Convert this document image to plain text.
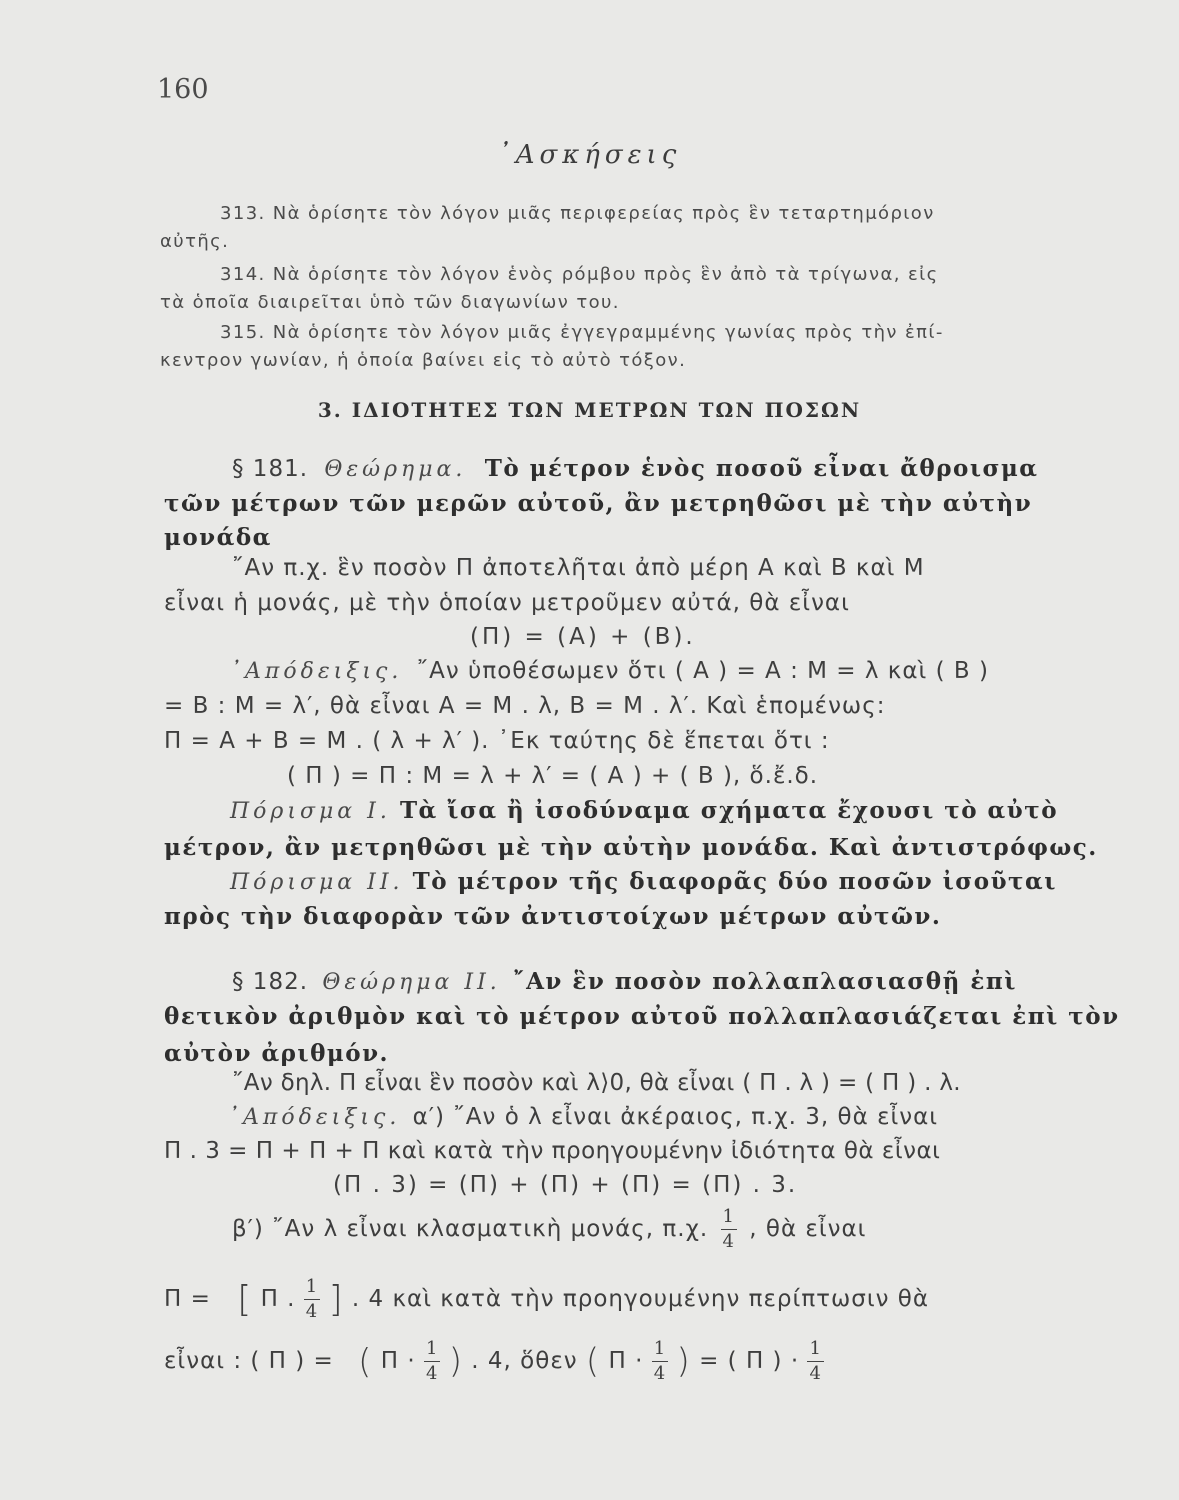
160
᾿Ασκήσεις
313. Νὰ ὁρίσητε τὸν λόγον μιᾶς περιφερείας πρὸς ἓν τεταρτημόριον
αὐτῆς.
314. Νὰ ὁρίσητε τὸν λόγον ἑνὸς ρόμβου πρὸς ἓν ἀπὸ τὰ τρίγωνα, εἰς
τὰ ὁποῖα διαιρεῖται ὑπὸ τῶν διαγωνίων του.
315. Νὰ ὁρίσητε τὸν λόγον μιᾶς ἐγγεγραμμένης γωνίας πρὸς τὴν ἐπί-
κεντρον γωνίαν, ἡ ὁποία βαίνει εἰς τὸ αὐτὸ τόξον.
3. ΙΔΙΟΤΗΤΕΣ ΤΩΝ ΜΕΤΡΩΝ ΤΩΝ ΠΟΣΩΝ
§ 181. Θεώρημα. Τὸ μέτρον ἑνὸς ποσοῦ εἶναι ἄθροισμα
τῶν μέτρων τῶν μερῶν αὐτοῦ, ἂν μετρηθῶσι μὲ τὴν αὐτὴν
μονάδα
῎Αν π.χ. ἓν ποσὸν Π ἀποτελῆται ἀπὸ μέρη Α καὶ Β καὶ Μ
εἶναι ἡ μονάς, μὲ τὴν ὁποίαν μετροῦμεν αὐτά, θὰ εἶναι
(Π) = (Α) + (Β).
᾿Απόδειξις. ῎Αν ὑποθέσωμεν ὅτι ( Α ) = Α : Μ = λ καὶ ( Β )
= Β : Μ = λ′, θὰ εἶναι Α = Μ . λ, Β = Μ . λ′. Καὶ ἑπομένως:
Π = Α + Β = Μ . ( λ + λ′ ). ᾿Εκ ταύτης δὲ ἕπεται ὅτι :
( Π ) = Π : Μ = λ + λ′ = ( Α ) + ( Β ), ὅ.ἔ.δ.
Πόρισμα Ι. Τὰ ἴσα ἢ ἰσοδύναμα σχήματα ἔχουσι τὸ αὐτὸ
μέτρον, ἂν μετρηθῶσι μὲ τὴν αὐτὴν μονάδα. Καὶ ἀντιστρόφως.
Πόρισμα ΙΙ. Τὸ μέτρον τῆς διαφορᾶς δύο ποσῶν ἰσοῦται
πρὸς τὴν διαφορὰν τῶν ἀντιστοίχων μέτρων αὐτῶν.
§ 182. Θεώρημα ΙΙ. ῎Αν ἓν ποσὸν πολλαπλασιασθῇ ἐπὶ
θετικὸν ἀριθμὸν καὶ τὸ μέτρον αὐτοῦ πολλαπλασιάζεται ἐπὶ τὸν
αὐτὸν ἀριθμόν.
῎Αν δηλ. Π εἶναι ἓν ποσὸν καὶ λ⟩0, θὰ εἶναι ( Π . λ ) = ( Π ) . λ.
᾿Απόδειξις. α′) ῎Αν ὁ λ εἶναι ἀκέραιος, π.χ. 3, θὰ εἶναι
Π . 3 = Π + Π + Π καὶ κατὰ τὴν προηγουμένην ἰδιότητα θὰ εἶναι
(Π . 3) = (Π) + (Π) + (Π) = (Π) . 3.
β′) ῎Αν λ εἶναι κλασματικὴ μονάς, π.χ. $\frac{1}{4}$ , θὰ εἶναι
Π = [ Π . $\frac{1}{4}$ ] . 4 καὶ κατὰ τὴν προηγουμένην περίπτωσιν θὰ
εἶναι : ( Π ) = ( $\Pi \cdot \frac{1}{4}$ ) . 4, ὅθεν ( $\Pi \cdot \frac{1}{4}$ ) = ( Π ) · $\frac{1}{4}$
